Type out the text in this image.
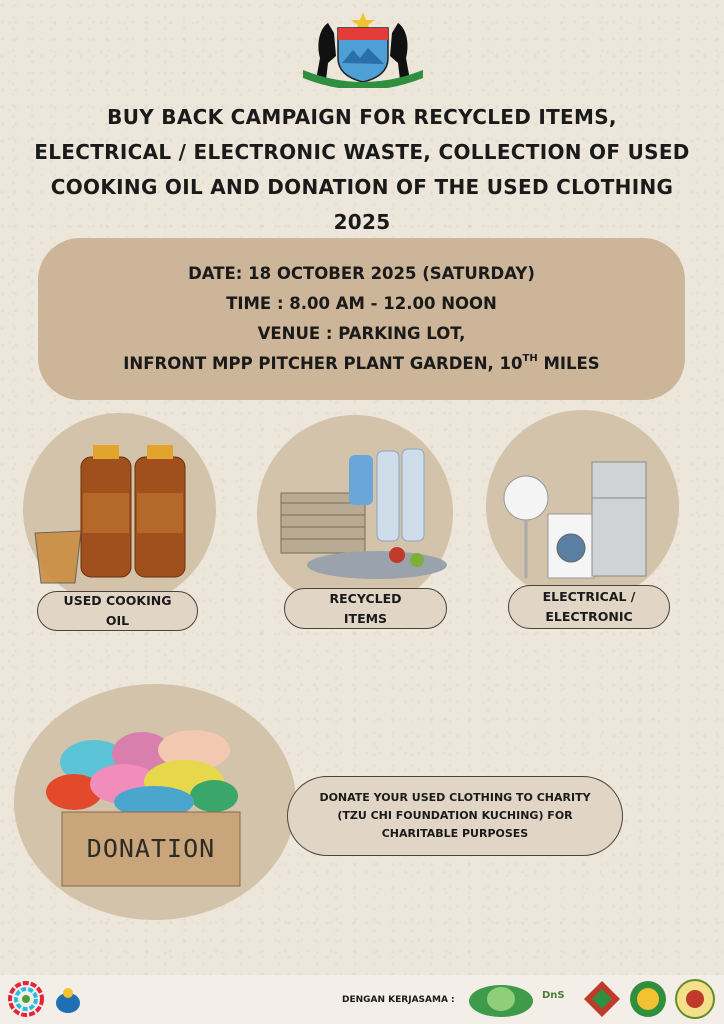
BUY BACK CAMPAIGN FOR RECYCLED ITEMS,
ELECTRICAL / ELECTRONIC WASTE, COLLECTION OF USED
COOKING OIL AND DONATION OF THE USED CLOTHING
2025
DATE: 18 OCTOBER 2025 (SATURDAY)
TIME : 8.00 AM - 12.00 NOON
VENUE : PARKING LOT,
INFRONT MPP PITCHER PLANT GARDEN, 10TH MILES
USED COOKING
OIL
RECYCLED
ITEMS
ELECTRICAL /
ELECTRONIC
DONATION
DONATE YOUR USED CLOTHING TO CHARITY
(TZU CHI FOUNDATION KUCHING) FOR
CHARITABLE PURPOSES
DENGAN KERJASAMA :	DnS
